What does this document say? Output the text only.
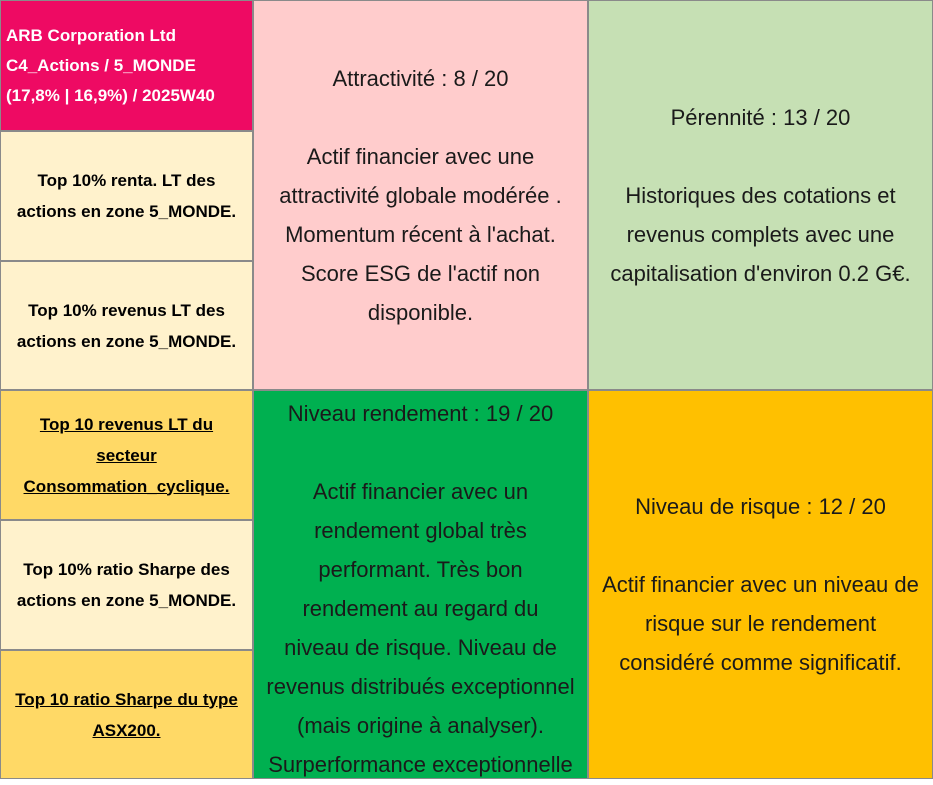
ARB Corporation Ltd
C4_Actions / 5_MONDE
(17,8% | 16,9%) / 2025W40
Top 10% renta. LT des
actions en zone 5_MONDE.
Top 10% revenus LT des
actions en zone 5_MONDE.
Top 10 revenus LT du
secteur
Consommation_cyclique.
Top 10% ratio Sharpe des
actions en zone 5_MONDE.
Top 10 ratio Sharpe du type
ASX200.
Attractivité : 8 / 20
Actif financier avec une
attractivité globale modérée .
Momentum récent à l'achat.
Score ESG de l'actif non
disponible.
Pérennité : 13 / 20
Historiques des cotations et
revenus complets avec une
capitalisation d'environ 0.2 G€.
Niveau rendement : 19 / 20
Actif financier avec un
rendement global très
performant. Très bon
rendement au regard du
niveau de risque. Niveau de
revenus distribués exceptionnel
(mais origine à analyser).
Surperformance exceptionnelle
Niveau de risque : 12 / 20
Actif financier avec un niveau de
risque sur le rendement
considéré comme significatif.
